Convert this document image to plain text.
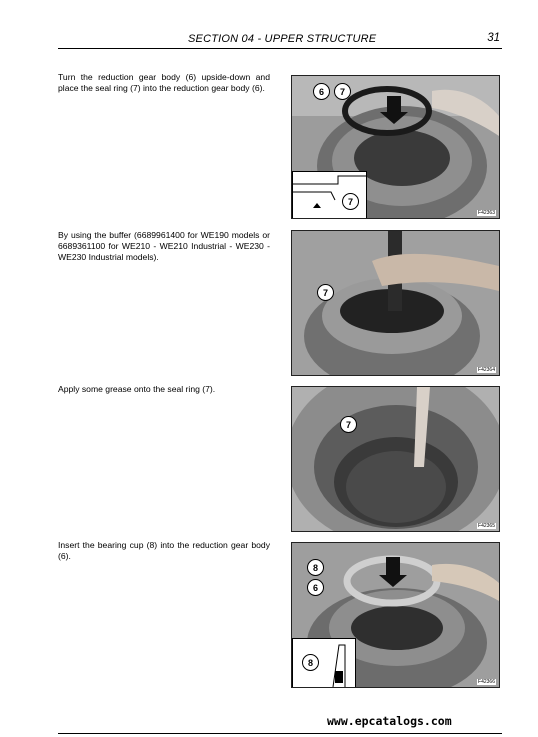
SECTION 04 - UPPER STRUCTURE	31
Turn the reduction gear body (6) upside-down and place the seal ring (7) into the reduction gear body (6).	6	7
7
F42363
By using the buffer (6689961400 for WE190 models or 6689361100 for WE210 - WE210 Industrial - WE230 - WE230 Industrial models).
7
F42364
Apply some grease onto the seal ring (7).
7
F42365
Insert the bearing cup (8) into the reduction gear body (6).
8
6
8
F42366
www.epcatalogs.com
